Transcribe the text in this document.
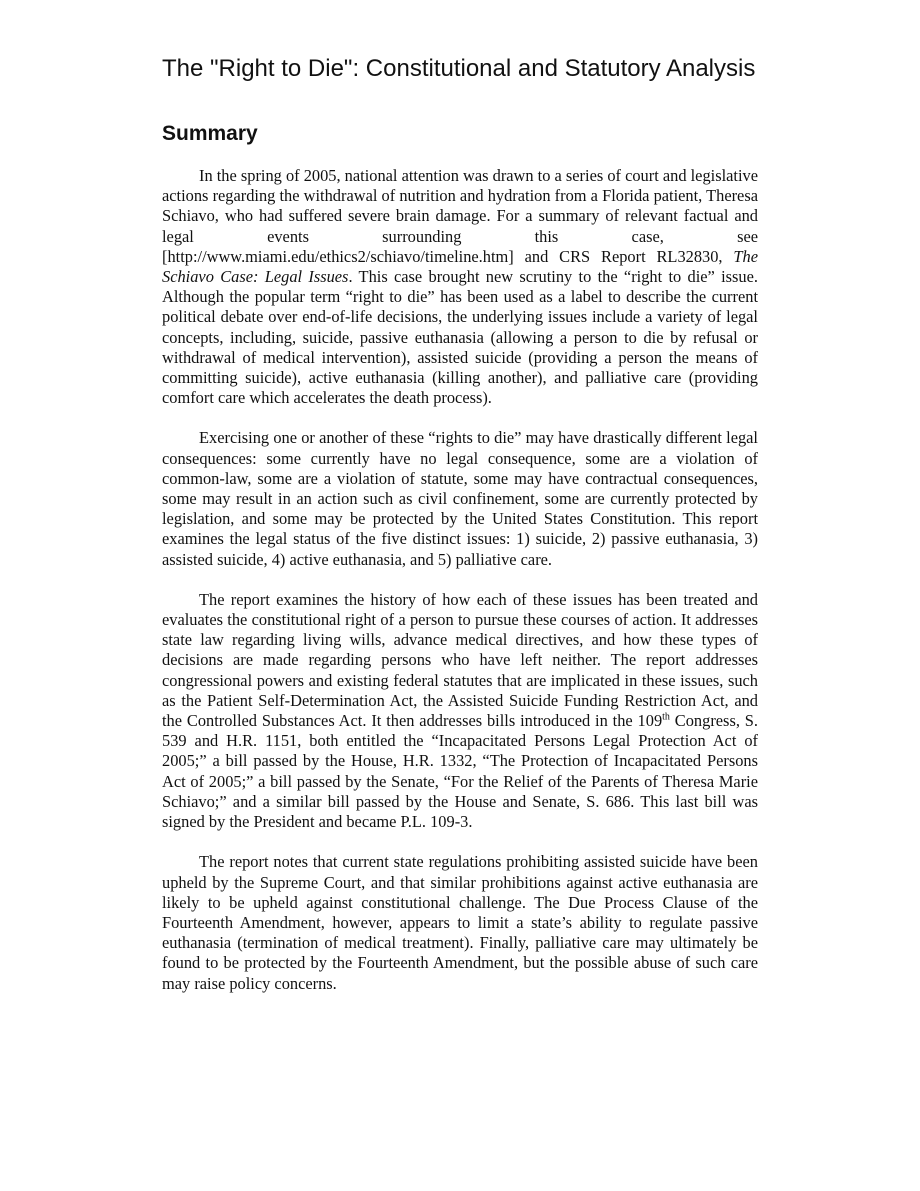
The "Right to Die": Constitutional and Statutory Analysis
Summary

In the spring of 2005, national attention was drawn to a series of court and legislative actions regarding the withdrawal of nutrition and hydration from a Florida patient, Theresa Schiavo, who had suffered severe brain damage. For a summary of relevant factual and legal events surrounding this case, see [http://www.miami.edu/ethics2/schiavo/timeline.htm] and CRS Report RL32830, The Schiavo Case: Legal Issues. This case brought new scrutiny to the “right to die” issue. Although the popular term “right to die” has been used as a label to describe the current political debate over end-of-life decisions, the underlying issues include a variety of legal concepts, including, suicide, passive euthanasia (allowing a person to die by refusal or withdrawal of medical intervention), assisted suicide (providing a person the means of committing suicide), active euthanasia (killing another), and palliative care (providing comfort care which accelerates the death process).

Exercising one or another of these “rights to die” may have drastically different legal consequences: some currently have no legal consequence, some are a violation of common-law, some are a violation of statute, some may have contractual consequences, some may result in an action such as civil confinement, some are currently protected by legislation, and some may be protected by the United States Constitution. This report examines the legal status of the five distinct issues: 1) suicide, 2) passive euthanasia, 3) assisted suicide, 4) active euthanasia, and 5) palliative care.

The report examines the history of how each of these issues has been treated and evaluates the constitutional right of a person to pursue these courses of action. It addresses state law regarding living wills, advance medical directives, and how these types of decisions are made regarding persons who have left neither. The report addresses congressional powers and existing federal statutes that are implicated in these issues, such as the Patient Self-Determination Act, the Assisted Suicide Funding Restriction Act, and the Controlled Substances Act. It then addresses bills introduced in the 109th Congress, S. 539 and H.R. 1151, both entitled the “Incapacitated Persons Legal Protection Act of 2005;” a bill passed by the House, H.R. 1332, “The Protection of Incapacitated Persons Act of 2005;” a bill passed by the Senate, “For the Relief of the Parents of Theresa Marie Schiavo;” and a similar bill passed by the House and Senate, S. 686. This last bill was signed by the President and became P.L. 109-3.

The report notes that current state regulations prohibiting assisted suicide have been upheld by the Supreme Court, and that similar prohibitions against active euthanasia are likely to be upheld against constitutional challenge. The Due Process Clause of the Fourteenth Amendment, however, appears to limit a state’s ability to regulate passive euthanasia (termination of medical treatment). Finally, palliative care may ultimately be found to be protected by the Fourteenth Amendment, but the possible abuse of such care may raise policy concerns.
